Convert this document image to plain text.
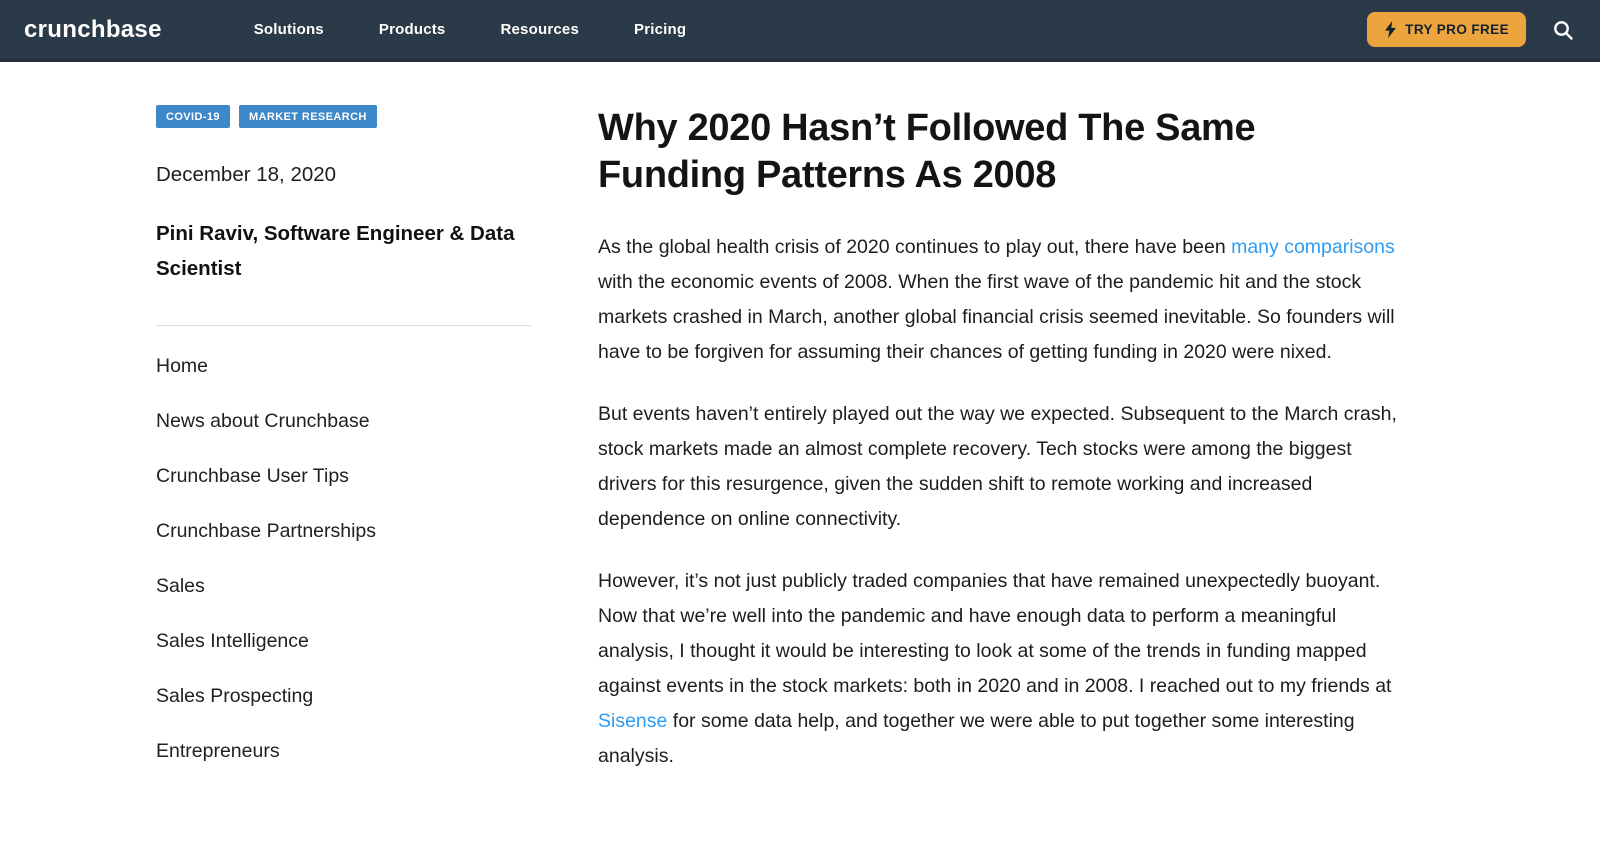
crunchbase	Solutions	Products	Resources	Pricing	TRY PRO FREE
COVID-19	MARKET RESEARCH
December 18, 2020
Pini Raviv, Software Engineer & Data Scientist
Home
News about Crunchbase
Crunchbase User Tips
Crunchbase Partnerships
Sales
Sales Intelligence
Sales Prospecting
Entrepreneurs
Why 2020 Hasn’t Followed The Same Funding Patterns As 2008

As the global health crisis of 2020 continues to play out, there have been many comparisons with the economic events of 2008. When the first wave of the pandemic hit and the stock markets crashed in March, another global financial crisis seemed inevitable. So founders will have to be forgiven for assuming their chances of getting funding in 2020 were nixed.

But events haven’t entirely played out the way we expected. Subsequent to the March crash, stock markets made an almost complete recovery. Tech stocks were among the biggest drivers for this resurgence, given the sudden shift to remote working and increased dependence on online connectivity.

However, it’s not just publicly traded companies that have remained unexpectedly buoyant. Now that we’re well into the pandemic and have enough data to perform a meaningful analysis, I thought it would be interesting to look at some of the trends in funding mapped against events in the stock markets: both in 2020 and in 2008. I reached out to my friends at Sisense for some data help, and together we were able to put together some interesting analysis.
